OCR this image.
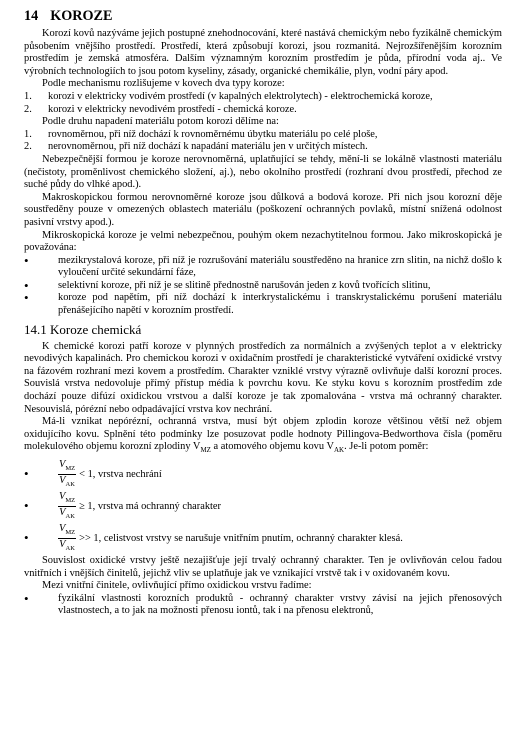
14 KOROZE

Korozí kovů nazýváme jejich postupné znehodnocování, které nastává chemickým nebo fyzikálně chemickým působením vnějšího prostředí. Prostředí, která způsobují korozi, jsou rozmanitá. Nejrozšířenějším korozním prostředím je zemská atmosféra. Dalším významným korozním prostředím je půda, přírodní voda aj.. Ve výrobních technologiích to jsou potom kyseliny, zásady, organické chemikálie, plyn, vodní páry apod.

Podle mechanismu rozlišujeme v kovech dva typy koroze:

1.	korozi v elektricky vodivém prostředí (v kapalných elektrolytech) - elektrochemická koroze,
2.	korozi v elektricky nevodivém prostředí - chemická koroze.

Podle druhu napadení materiálu potom korozi dělíme na:

1.	rovnoměrnou, při níž dochází k rovnoměrnému úbytku materiálu po celé ploše,
2.	nerovnoměrnou, při níž dochází k napadání materiálu jen v určitých místech.

Nebezpečnější formou je koroze nerovnoměrná, uplatňující se tehdy, mění-li se lokálně vlastnosti materiálu (nečistoty, proměnlivost chemického složení, aj.), nebo okolního prostředí (rozhraní dvou prostředí, přechod ze suché půdy do vlhké apod.).

Makroskopickou formou nerovnoměrné koroze jsou důlková a bodová koroze. Při nich jsou korozní děje soustředěny pouze v omezených oblastech materiálu (poškození ochranných povlaků, místní snížená odolnost pasivní vrstvy apod.).

Mikroskopická koroze je velmi nebezpečnou, pouhým okem nezachytitelnou formou. Jako mikroskopická je považována:

•	mezikrystalová koroze, při níž je rozrušování materiálu soustředěno na hranice zrn slitin, na nichž došlo k vyloučení určité sekundární fáze,
•	selektivní koroze, při níž je se slitině přednostně narušován jeden z kovů tvořících slitinu,
•	koroze pod napětím, při níž dochází k interkrystalickému i transkrystalickému porušení materiálu přenášejícího napětí v korozním prostředí.
14.1 Koroze chemická

K chemické korozi patří koroze v plynných prostředích za normálních a zvýšených teplot a v elektricky nevodivých kapalinách. Pro chemickou korozi v oxidačním prostředí je charakteristické vytváření oxidické vrstvy na fázovém rozhraní mezi kovem a prostředím. Charakter vzniklé vrstvy výrazně ovlivňuje další korozní proces. Souvislá vrstva nedovoluje přímý přístup média k povrchu kovu. Ke styku kovu s korozním prostředím zde dochází pouze difúzí oxidickou vrstvou a další koroze je tak zpomalována - vrstva má ochranný charakter. Nesouvislá, pórézní nebo odpadávající vrstva kov nechrání.

Má-li vznikat nepórézní, ochranná vrstva, musí být objem zplodin koroze většinou větší než objem oxidujícího kovu. Splnění této podmínky lze posuzovat podle hodnoty Pillingova-Bedworthova čísla (poměru molekulového objemu korozní zplodiny $V_{MZ}$ a atomového objemu kovu $V_{AK}$. Je-li potom poměr:

•	$\frac{V_{MZ}}{V_{AK}} < 1$,
vrstva nechrání
•	$\frac{V_{MZ}}{V_{AK}} \ge 1$,
vrstva má ochranný charakter
•	$\frac{V_{MZ}}{V_{AK}} >> 1$,
celistvost vrstvy se narušuje vnitřním pnutím, ochranný charakter klesá.

Souvislost oxidické vrstvy ještě nezajišťuje její trvalý ochranný charakter. Ten je ovlivňován celou řadou vnitřních i vnějších činitelů, jejichž vliv se uplatňuje jak ve vznikající vrstvě tak i v oxidovaném kovu.

Mezi vnitřní činitele, ovlivňující přímo oxidickou vrstvu řadíme:

•	fyzikální vlastnosti korozních produktů - ochranný charakter vrstvy závisí na jejich přenosových vlastnostech, a to jak na možnosti přenosu iontů, tak i na přenosu elektronů,
